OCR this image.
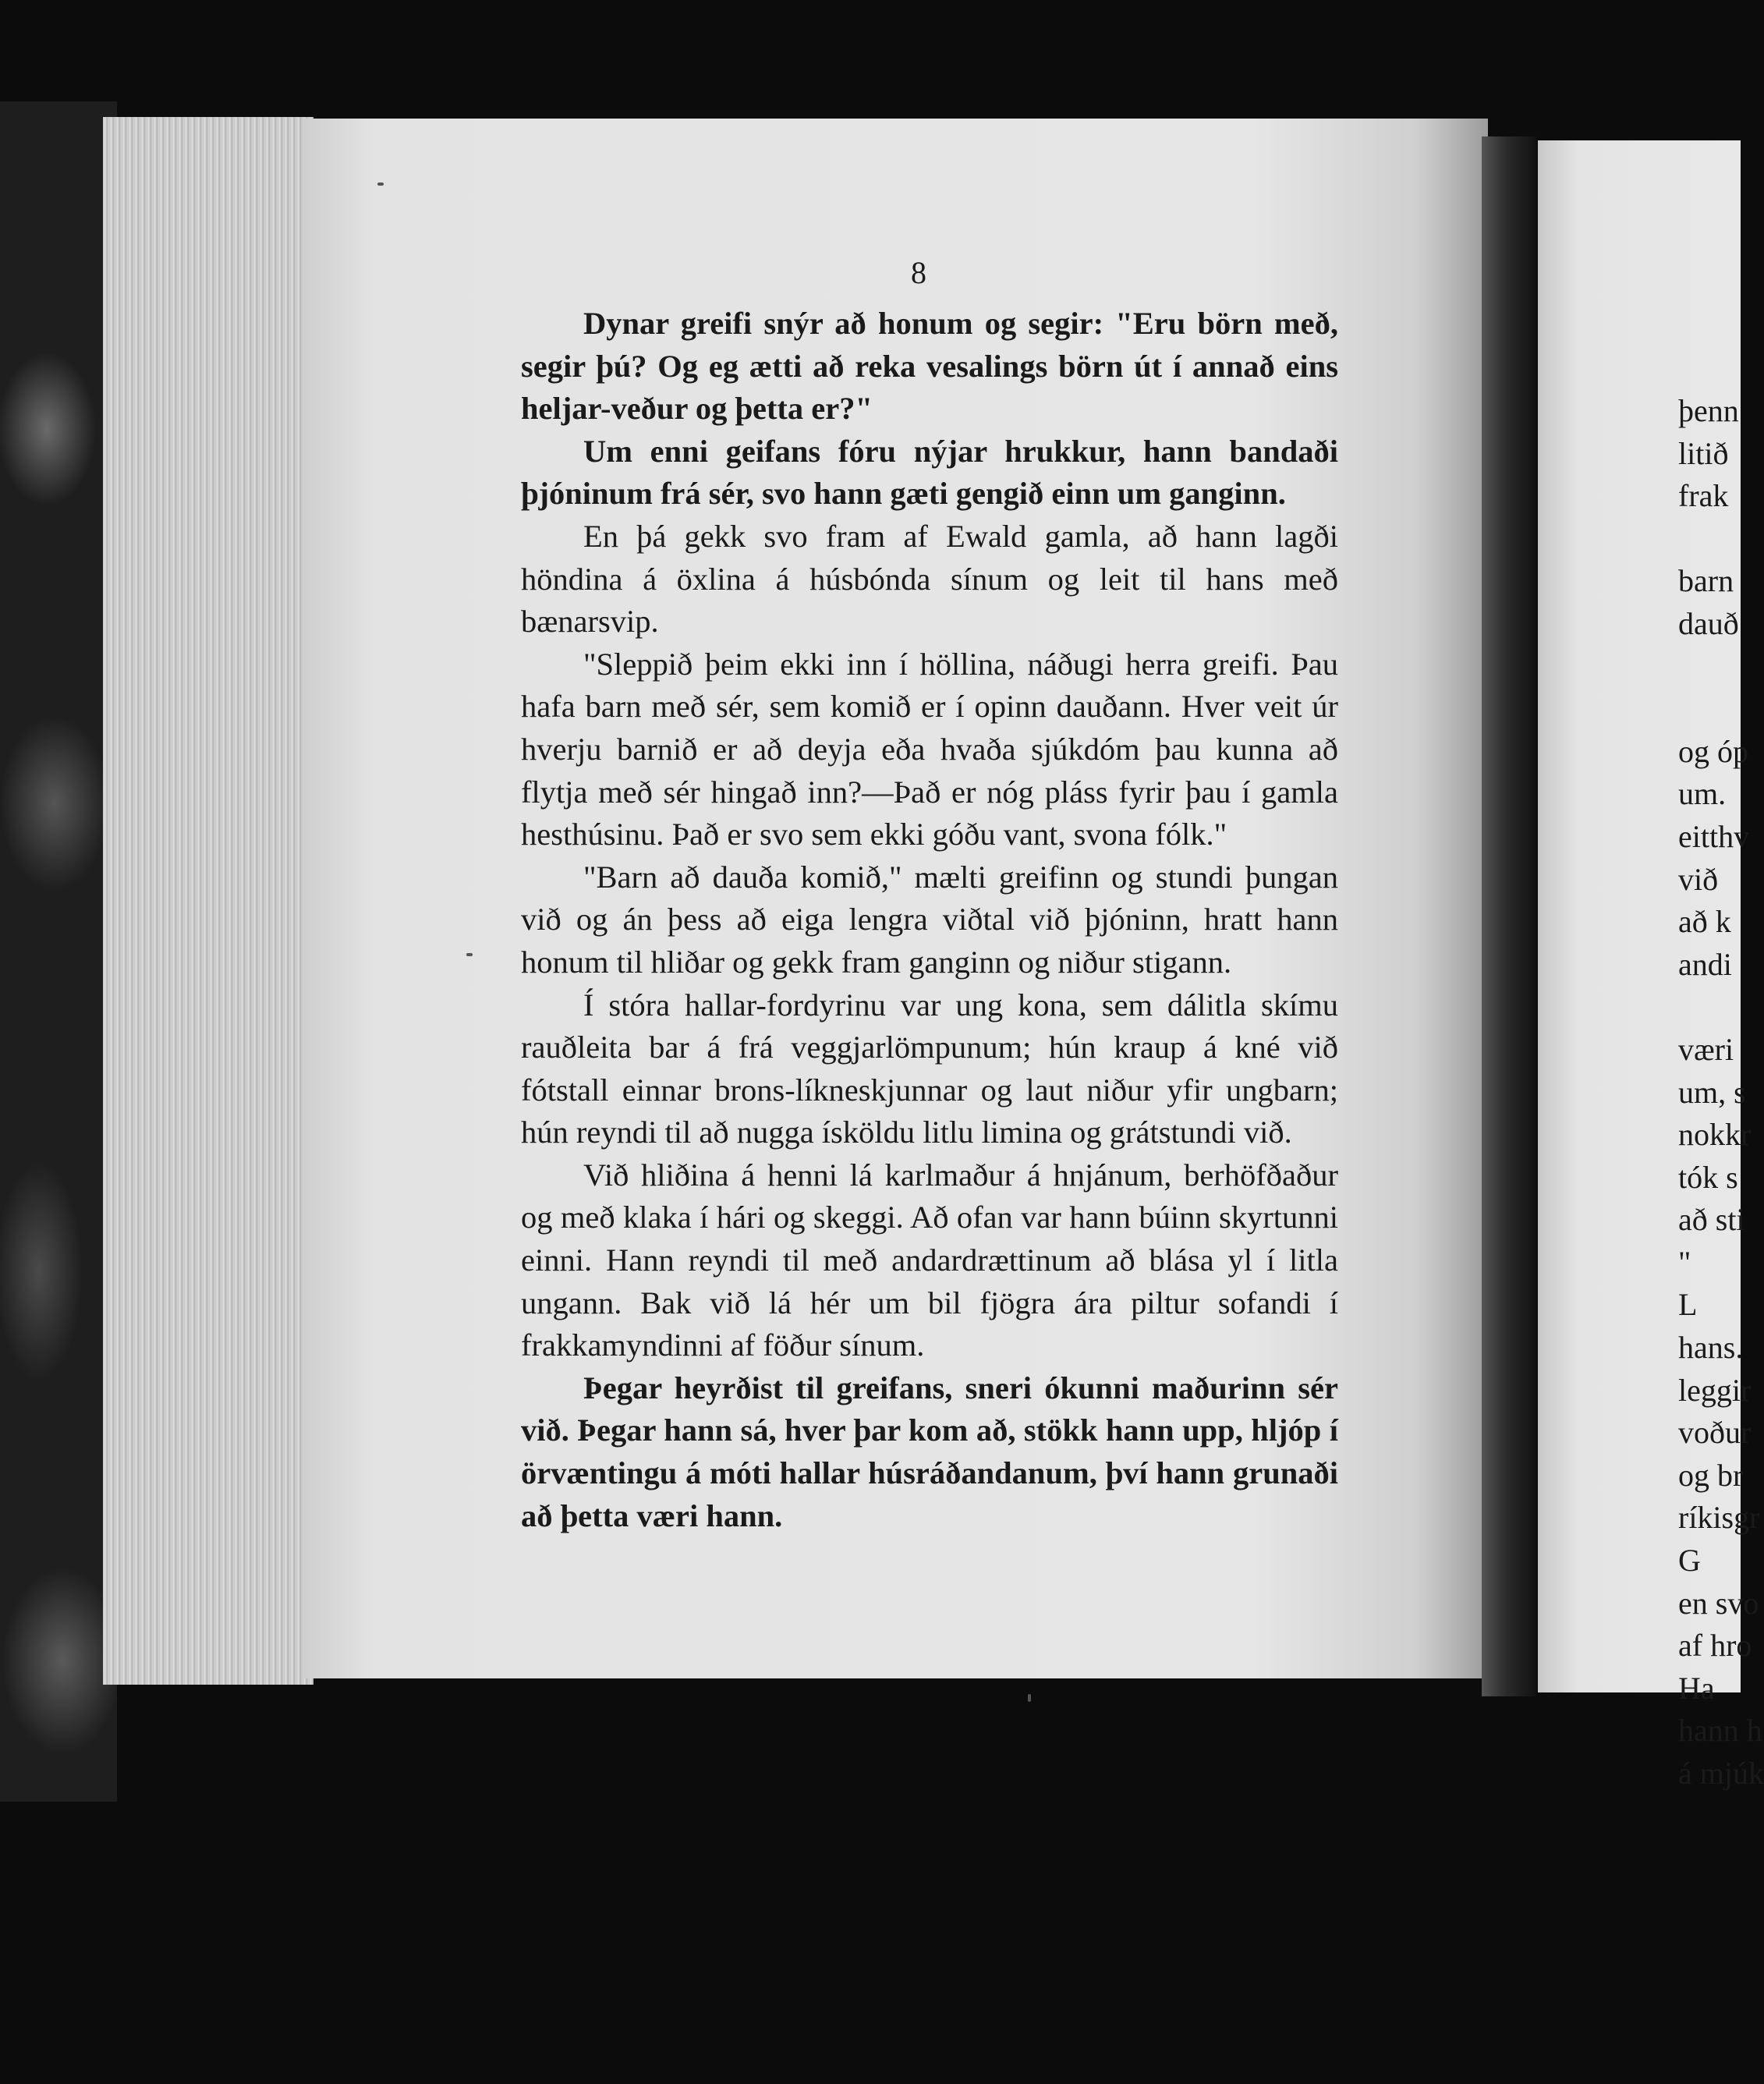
8

Dynar greifi snýr að honum og segir: "Eru börn með, segir þú? Og eg ætti að reka vesalings börn út í annað eins heljar-veður og þetta er?"

Um enni geifans fóru nýjar hrukkur, hann bandaði þjóninum frá sér, svo hann gæti gengið einn um ganginn.

En þá gekk svo fram af Ewald gamla, að hann lagði höndina á öxlina á húsbónda sínum og leit til hans með bænarsvip.

"Sleppið þeim ekki inn í höllina, náðugi herra greifi. Þau hafa barn með sér, sem komið er í opinn dauðann. Hver veit úr hverju barnið er að deyja eða hvaða sjúkdóm þau kunna að flytja með sér hingað inn?—Það er nóg pláss fyrir þau í gamla hesthúsinu. Það er svo sem ekki góðu vant, svona fólk."

"Barn að dauða komið," mælti greifinn og stundi þungan við og án þess að eiga lengra viðtal við þjóninn, hratt hann honum til hliðar og gekk fram ganginn og niður stigann.

Í stóra hallar-fordyrinu var ung kona, sem dálitla skímu rauðleita bar á frá veggjarlömpunum; hún kraup á kné við fótstall einnar brons-líkneskjunnar og laut niður yfir ungbarn; hún reyndi til að nugga ísköldu litlu limina og grátstundi við.

Við hliðina á henni lá karlmaður á hnjánum, berhöfðaður og með klaka í hári og skeggi. Að ofan var hann búinn skyrtunni einni. Hann reyndi til með andardrættinum að blása yl í litla ungann. Bak við lá hér um bil fjögra ára piltur sofandi í frakkamyndinni af föður sínum.

Þegar heyrðist til greifans, sneri ókunni maðurinn sér við. Þegar hann sá, hver þar kom að, stökk hann upp, hljóp í örvæntingu á móti hallar húsráðandanum, því hann grunaði að þetta væri hann.

þenn
litið
frak
barn
dauð
og óp
um.
eitthv
við
að k
andi
væri
um, s
nokkr
tók s
að sti
"
L
hans.
leggir
voður
og br
ríkisgr
G
en svo
af hro
Ha
hann h
á mjúk
